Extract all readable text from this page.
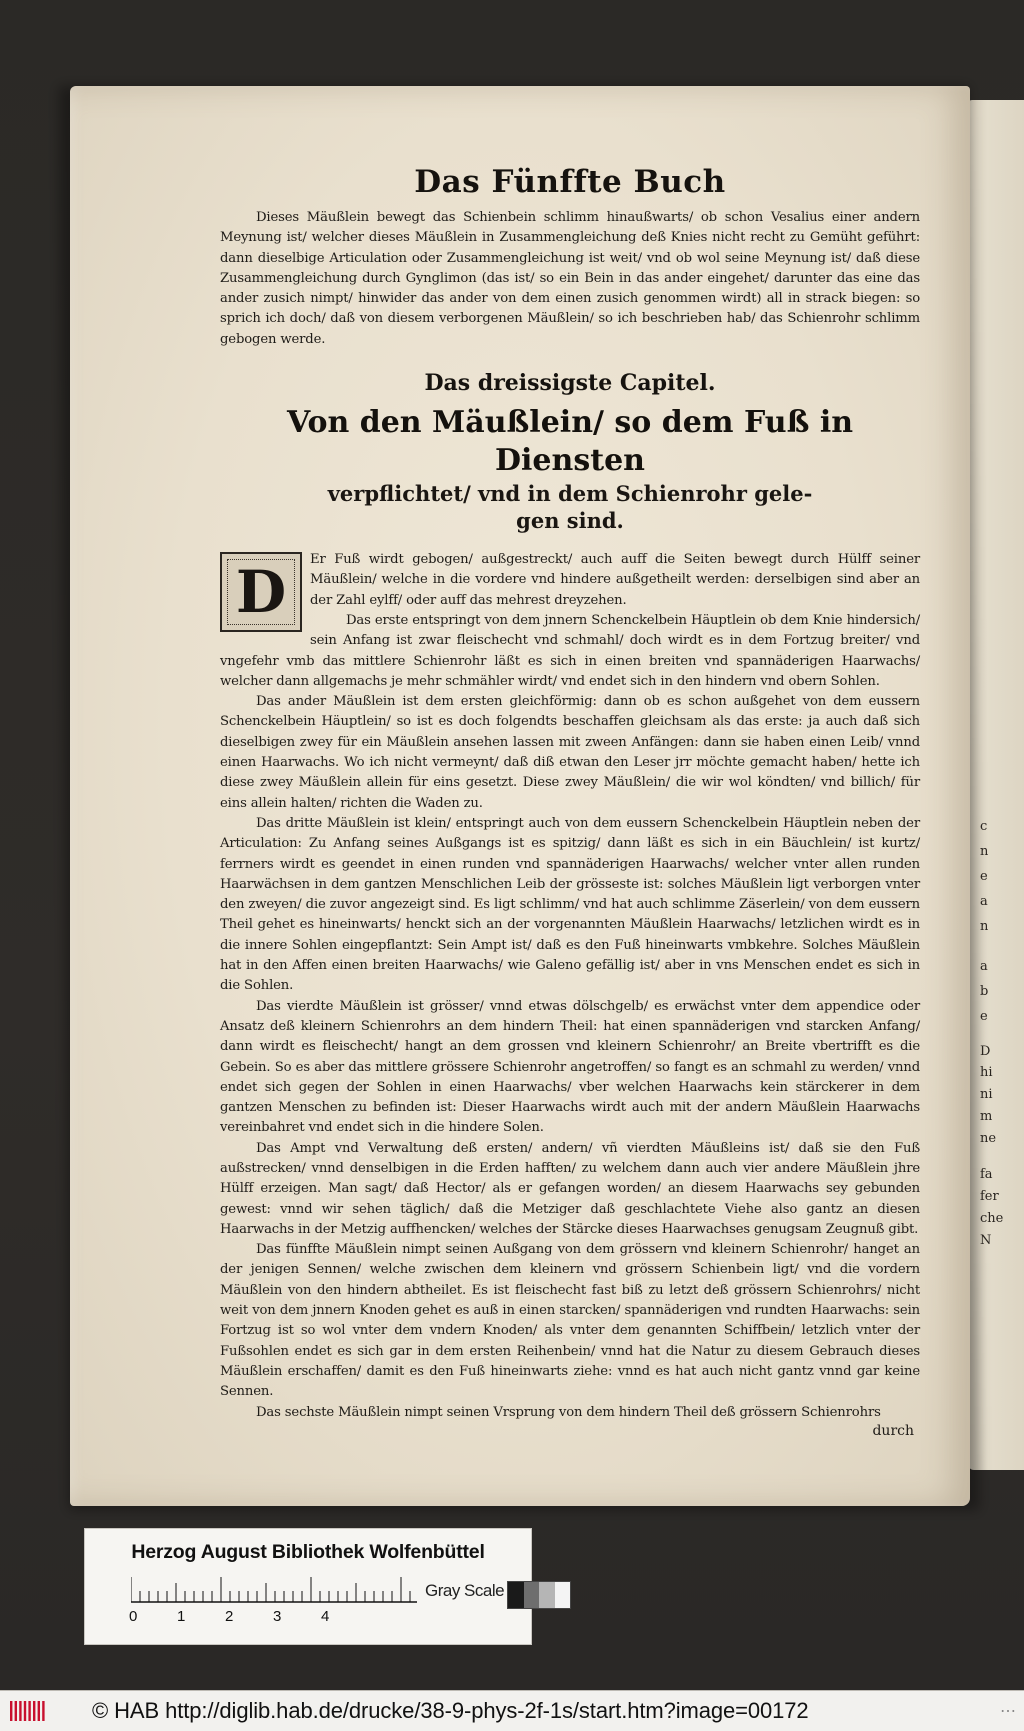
c
n
e
a
n
a
b
e
D
hi
ni
m
ne
fa
fer
che
N
Das Fünffte Buch

Dieses Mäußlein bewegt das Schienbein schlimm hinaußwarts/ ob schon Vesalius einer andern Meynung ist/ welcher dieses Mäußlein in Zusammengleichung deß Knies nicht recht zu Gemüht geführt: dann dieselbige Articulation oder Zusammengleichung ist weit/ vnd ob wol seine Meynung ist/ daß diese Zusammengleichung durch Gynglimon (das ist/ so ein Bein in das ander eingehet/ darunter das eine das ander zusich nimpt/ hinwider das ander von dem einen zusich genommen wirdt) all in strack biegen: so sprich ich doch/ daß von diesem verborgenen Mäußlein/ so ich beschrieben hab/ das Schienrohr schlimm gebogen werde.

Das dreissigste Capitel.
Von den Mäußlein/ so dem Fuß in Diensten
verpflichtet/ vnd in dem Schienrohr gele-
gen sind.
D	Er Fuß wirdt gebogen/ außgestreckt/ auch auff die Seiten bewegt durch Hülff seiner Mäußlein/ welche in die vordere vnd hindere außgetheilt werden: derselbigen sind aber an der Zahl eylff/ oder auff das mehrest dreyzehen.

Das erste entspringt von dem jnnern Schenckelbein Häuptlein ob dem Knie hindersich/ sein Anfang ist zwar fleischecht vnd schmahl/ doch wirdt es in dem Fortzug breiter/ vnd vngefehr vmb das mittlere Schienrohr läßt es sich in einen breiten vnd spannäderigen Haarwachs/ welcher dann allgemachs je mehr schmähler wirdt/ vnd endet sich in den hindern vnd obern Sohlen.

Das ander Mäußlein ist dem ersten gleichförmig: dann ob es schon außgehet von dem eussern Schenckelbein Häuptlein/ so ist es doch folgendts beschaffen gleichsam als das erste: ja auch daß sich dieselbigen zwey für ein Mäußlein ansehen lassen mit zween Anfängen: dann sie haben einen Leib/ vnnd einen Haarwachs. Wo ich nicht vermeynt/ daß diß etwan den Leser jrr möchte gemacht haben/ hette ich diese zwey Mäußlein allein für eins gesetzt. Diese zwey Mäußlein/ die wir wol köndten/ vnd billich/ für eins allein halten/ richten die Waden zu.

Das dritte Mäußlein ist klein/ entspringt auch von dem eussern Schenckelbein Häuptlein neben der Articulation: Zu Anfang seines Außgangs ist es spitzig/ dann läßt es sich in ein Bäuchlein/ ist kurtz/ ferrners wirdt es geendet in einen runden vnd spannäderigen Haarwachs/ welcher vnter allen runden Haarwächsen in dem gantzen Menschlichen Leib der grösseste ist: solches Mäußlein ligt verborgen vnter den zweyen/ die zuvor angezeigt sind. Es ligt schlimm/ vnd hat auch schlimme Zäserlein/ von dem eussern Theil gehet es hineinwarts/ henckt sich an der vorgenannten Mäußlein Haarwachs/ letzlichen wirdt es in die innere Sohlen eingepflantzt: Sein Ampt ist/ daß es den Fuß hineinwarts vmbkehre. Solches Mäußlein hat in den Affen einen breiten Haarwachs/ wie Galeno gefällig ist/ aber in vns Menschen endet es sich in die Sohlen.

Das vierdte Mäußlein ist grösser/ vnnd etwas dölschgelb/ es erwächst vnter dem appendice oder Ansatz deß kleinern Schienrohrs an dem hindern Theil: hat einen spannäderigen vnd starcken Anfang/ dann wirdt es fleischecht/ hangt an dem grossen vnd kleinern Schienrohr/ an Breite vbertrifft es die Gebein. So es aber das mittlere grössere Schienrohr angetroffen/ so fangt es an schmahl zu werden/ vnnd endet sich gegen der Sohlen in einen Haarwachs/ vber welchen Haarwachs kein stärckerer in dem gantzen Menschen zu befinden ist: Dieser Haarwachs wirdt auch mit der andern Mäußlein Haarwachs vereinbahret vnd endet sich in die hindere Solen.

Das Ampt vnd Verwaltung deß ersten/ andern/ vñ vierdten Mäußleins ist/ daß sie den Fuß außstrecken/ vnnd denselbigen in die Erden hafften/ zu welchem dann auch vier andere Mäußlein jhre Hülff erzeigen. Man sagt/ daß Hector/ als er gefangen worden/ an diesem Haarwachs sey gebunden gewest: vnnd wir sehen täglich/ daß die Metziger daß geschlachtete Viehe also gantz an diesen Haarwachs in der Metzig auffhencken/ welches der Stärcke dieses Haarwachses genugsam Zeugnuß gibt.

Das fünffte Mäußlein nimpt seinen Außgang von dem grössern vnd kleinern Schienrohr/ hanget an der jenigen Sennen/ welche zwischen dem kleinern vnd grössern Schienbein ligt/ vnd die vordern Mäußlein von den hindern abtheilet. Es ist fleischecht fast biß zu letzt deß grössern Schienrohrs/ nicht weit von dem jnnern Knoden gehet es auß in einen starcken/ spannäderigen vnd rundten Haarwachs: sein Fortzug ist so wol vnter dem vndern Knoden/ als vnter dem genannten Schiffbein/ letzlich vnter der Fußsohlen endet es sich gar in dem ersten Reihenbein/ vnnd hat die Natur zu diesem Gebrauch dieses Mäußlein erschaffen/ damit es den Fuß hineinwarts ziehe: vnnd es hat auch nicht gantz vnnd gar keine Sennen.

Das sechste Mäußlein nimpt seinen Vrsprung von dem hindern Theil deß grössern Schienrohrs

durch
Herzog August Bibliothek Wolfenbüttel
0	1	2	3	4
Gray Scale
© HAB http://diglib.hab.de/drucke/38-9-phys-2f-1s/start.htm?image=00172	⋯
